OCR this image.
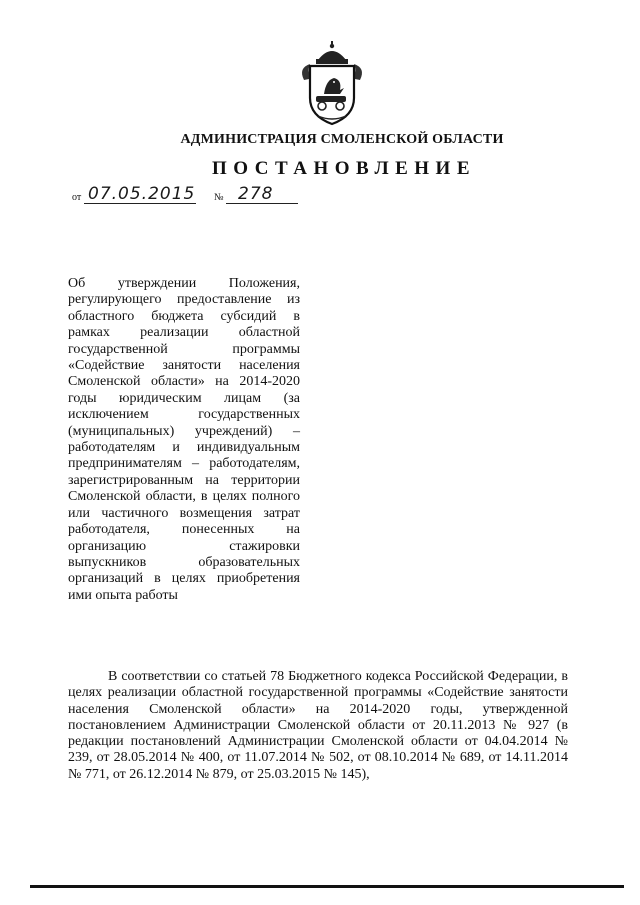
АДМИНИСТРАЦИЯ СМОЛЕНСКОЙ ОБЛАСТИ
ПОСТАНОВЛЕНИЕ
от 07.05.2015 № 278
Об утверждении Положения, регулирующего предоставление из областного бюджета субсидий в рамках реализации областной государственной программы «Содействие занятости населения Смоленской области» на 2014-2020 годы юридическим лицам (за исключением государственных (муниципальных) учреждений) – работодателям и индивидуальным предпринимателям – работодателям, зарегистрированным на территории Смоленской области, в целях полного или частичного возмещения затрат работодателя, понесенных на организацию стажировки выпускников образовательных организаций в целях приобретения ими опыта работы
В соответствии со статьей 78 Бюджетного кодекса Российской Федерации, в целях реализации областной государственной программы «Содействие занятости населения Смоленской области» на 2014-2020 годы, утвержденной постановлением Администрации Смоленской области от 20.11.2013 № 927 (в редакции постановлений Администрации Смоленской области от 04.04.2014 № 239, от 28.05.2014 № 400, от 11.07.2014 № 502, от 08.10.2014 № 689, от 14.11.2014 № 771, от 26.12.2014 № 879, от 25.03.2015 № 145),
